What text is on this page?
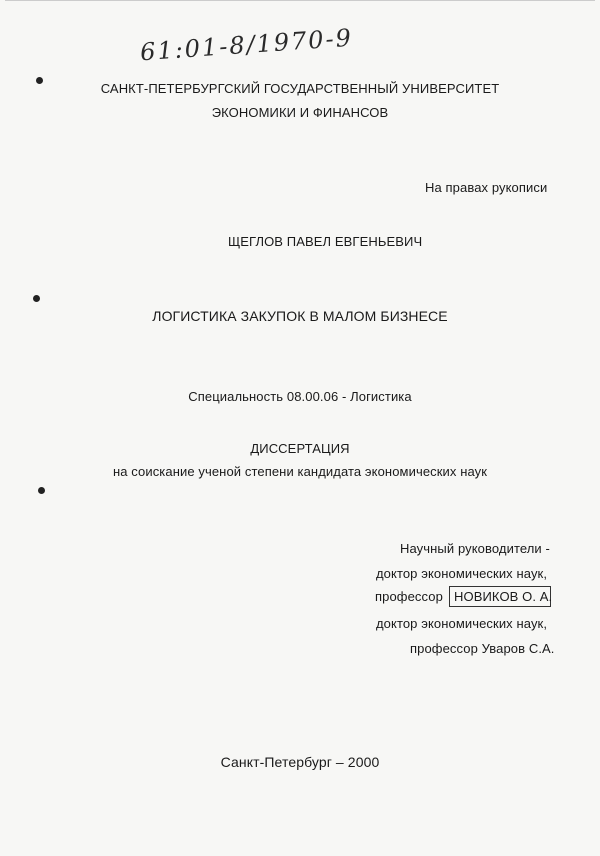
61:01-8/1970-9
САНКТ-ПЕТЕРБУРГСКИЙ ГОСУДАРСТВЕННЫЙ УНИВЕРСИТЕТ
ЭКОНОМИКИ И ФИНАНСОВ
На правах рукописи
ЩЕГЛОВ ПАВЕЛ ЕВГЕНЬЕВИЧ
ЛОГИСТИКА ЗАКУПОК В МАЛОМ БИЗНЕСЕ
Специальность 08.00.06 - Логистика
ДИССЕРТАЦИЯ
на соискание ученой степени кандидата экономических наук
Научный руководители -
доктор экономических наук,
профессор НОВИКОВ О. А.
доктор экономических наук,
профессор Уваров С.А.
Санкт-Петербург – 2000
